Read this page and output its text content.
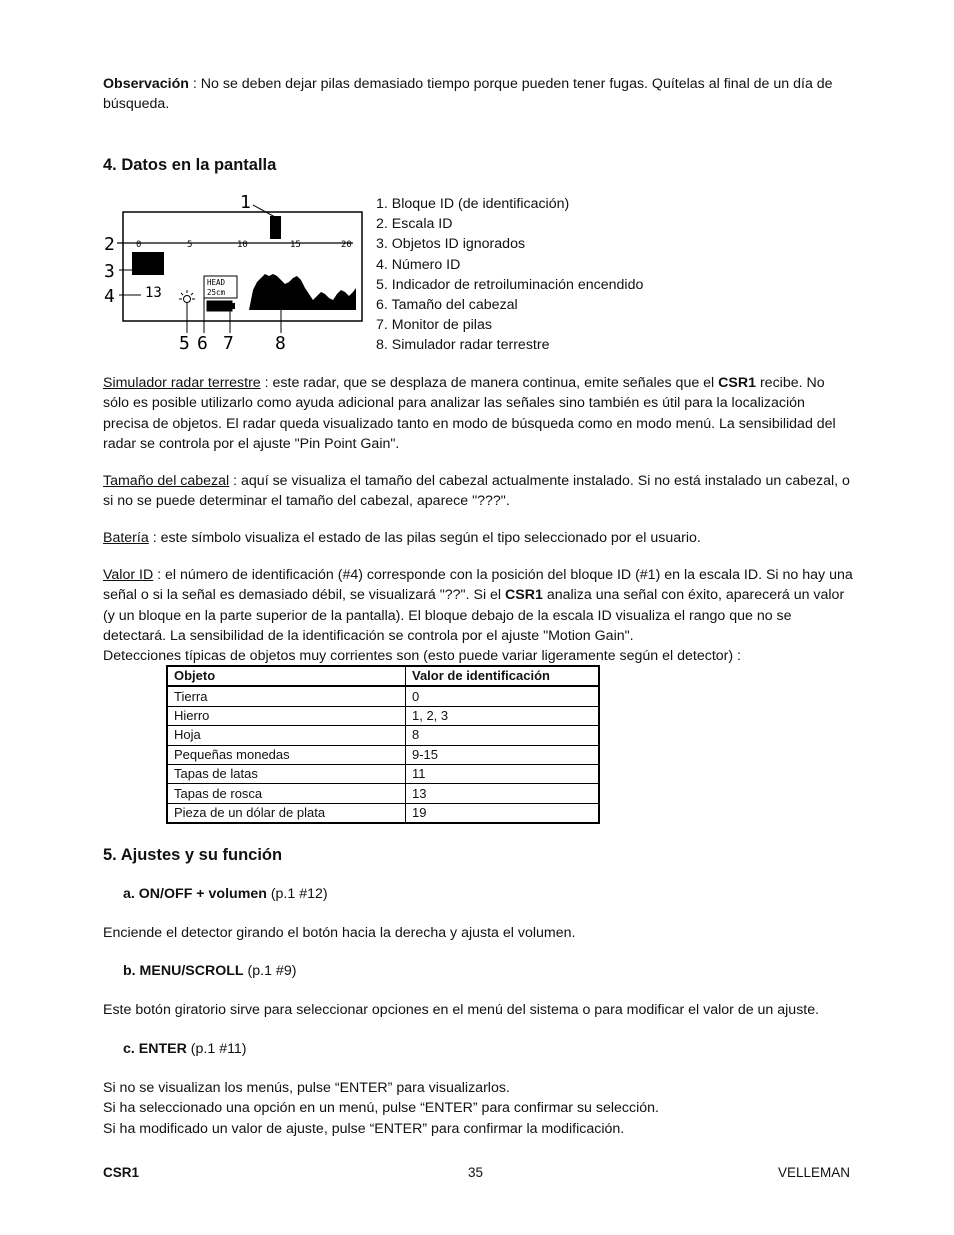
Observación : No se deben dejar pilas demasiado tiempo porque pueden tener fugas. Quítelas al final de un día de búsqueda.

4. Datos en la pantalla
0	5	10	15	20
13
HEAD
25cm
1
2
3
4
5 6 7 8
1. Bloque ID (de identificación)
2. Escala ID
3. Objetos ID ignorados
4. Número ID
5. Indicador de retroiluminación encendido
6. Tamaño del cabezal
7. Monitor de pilas
8. Simulador radar terrestre

Simulador radar terrestre : este radar, que se desplaza de manera continua, emite señales que el CSR1 recibe. No sólo es posible utilizarlo como ayuda adicional para analizar las señales sino también es útil para la localización precisa de objetos. El radar queda visualizado tanto en modo de búsqueda como en modo menú. La sensibilidad del radar se controla por el ajuste "Pin Point Gain".

Tamaño del cabezal : aquí se visualiza el tamaño del cabezal actualmente instalado. Si no está instalado un cabezal, o si no se puede determinar el tamaño del cabezal, aparece "???".

Batería : este símbolo visualiza el estado de las pilas según el tipo seleccionado por el usuario.

Valor ID : el número de identificación (#4) corresponde con la posición del bloque ID (#1) en la escala ID. Si no hay una señal o si la señal es demasiado débil, se visualizará "??". Si el CSR1 analiza una señal con éxito, aparecerá un valor (y un bloque en la parte superior de la pantalla). El bloque debajo de la escala ID visualiza el rango que no se detectará. La sensibilidad de la identificación se controla por el ajuste "Motion Gain".
Detecciones típicas de objetos muy corrientes son (esto puede variar ligeramente según el detector) :

Objeto	Valor de identificación
Tierra	0
Hierro	1, 2, 3
Hoja	8
Pequeñas monedas	9-15
Tapas de latas	11
Tapas de rosca	13
Pieza de un dólar de plata	19
5. Ajustes y su función
a. ON/OFF + volumen (p.1 #12)

Enciende el detector girando el botón hacia la derecha y ajusta el volumen.

b. MENU/SCROLL (p.1 #9)

Este botón giratorio sirve para seleccionar opciones en el menú del sistema o para modificar el valor de un ajuste.

c. ENTER (p.1 #11)

Si no se visualizan los menús, pulse “ENTER” para visualizarlos.
Si ha seleccionado una opción en un menú, pulse “ENTER” para confirmar su selección.
Si ha modificado un valor de ajuste, pulse “ENTER” para confirmar la modificación.

CSR1	35	VELLEMAN
